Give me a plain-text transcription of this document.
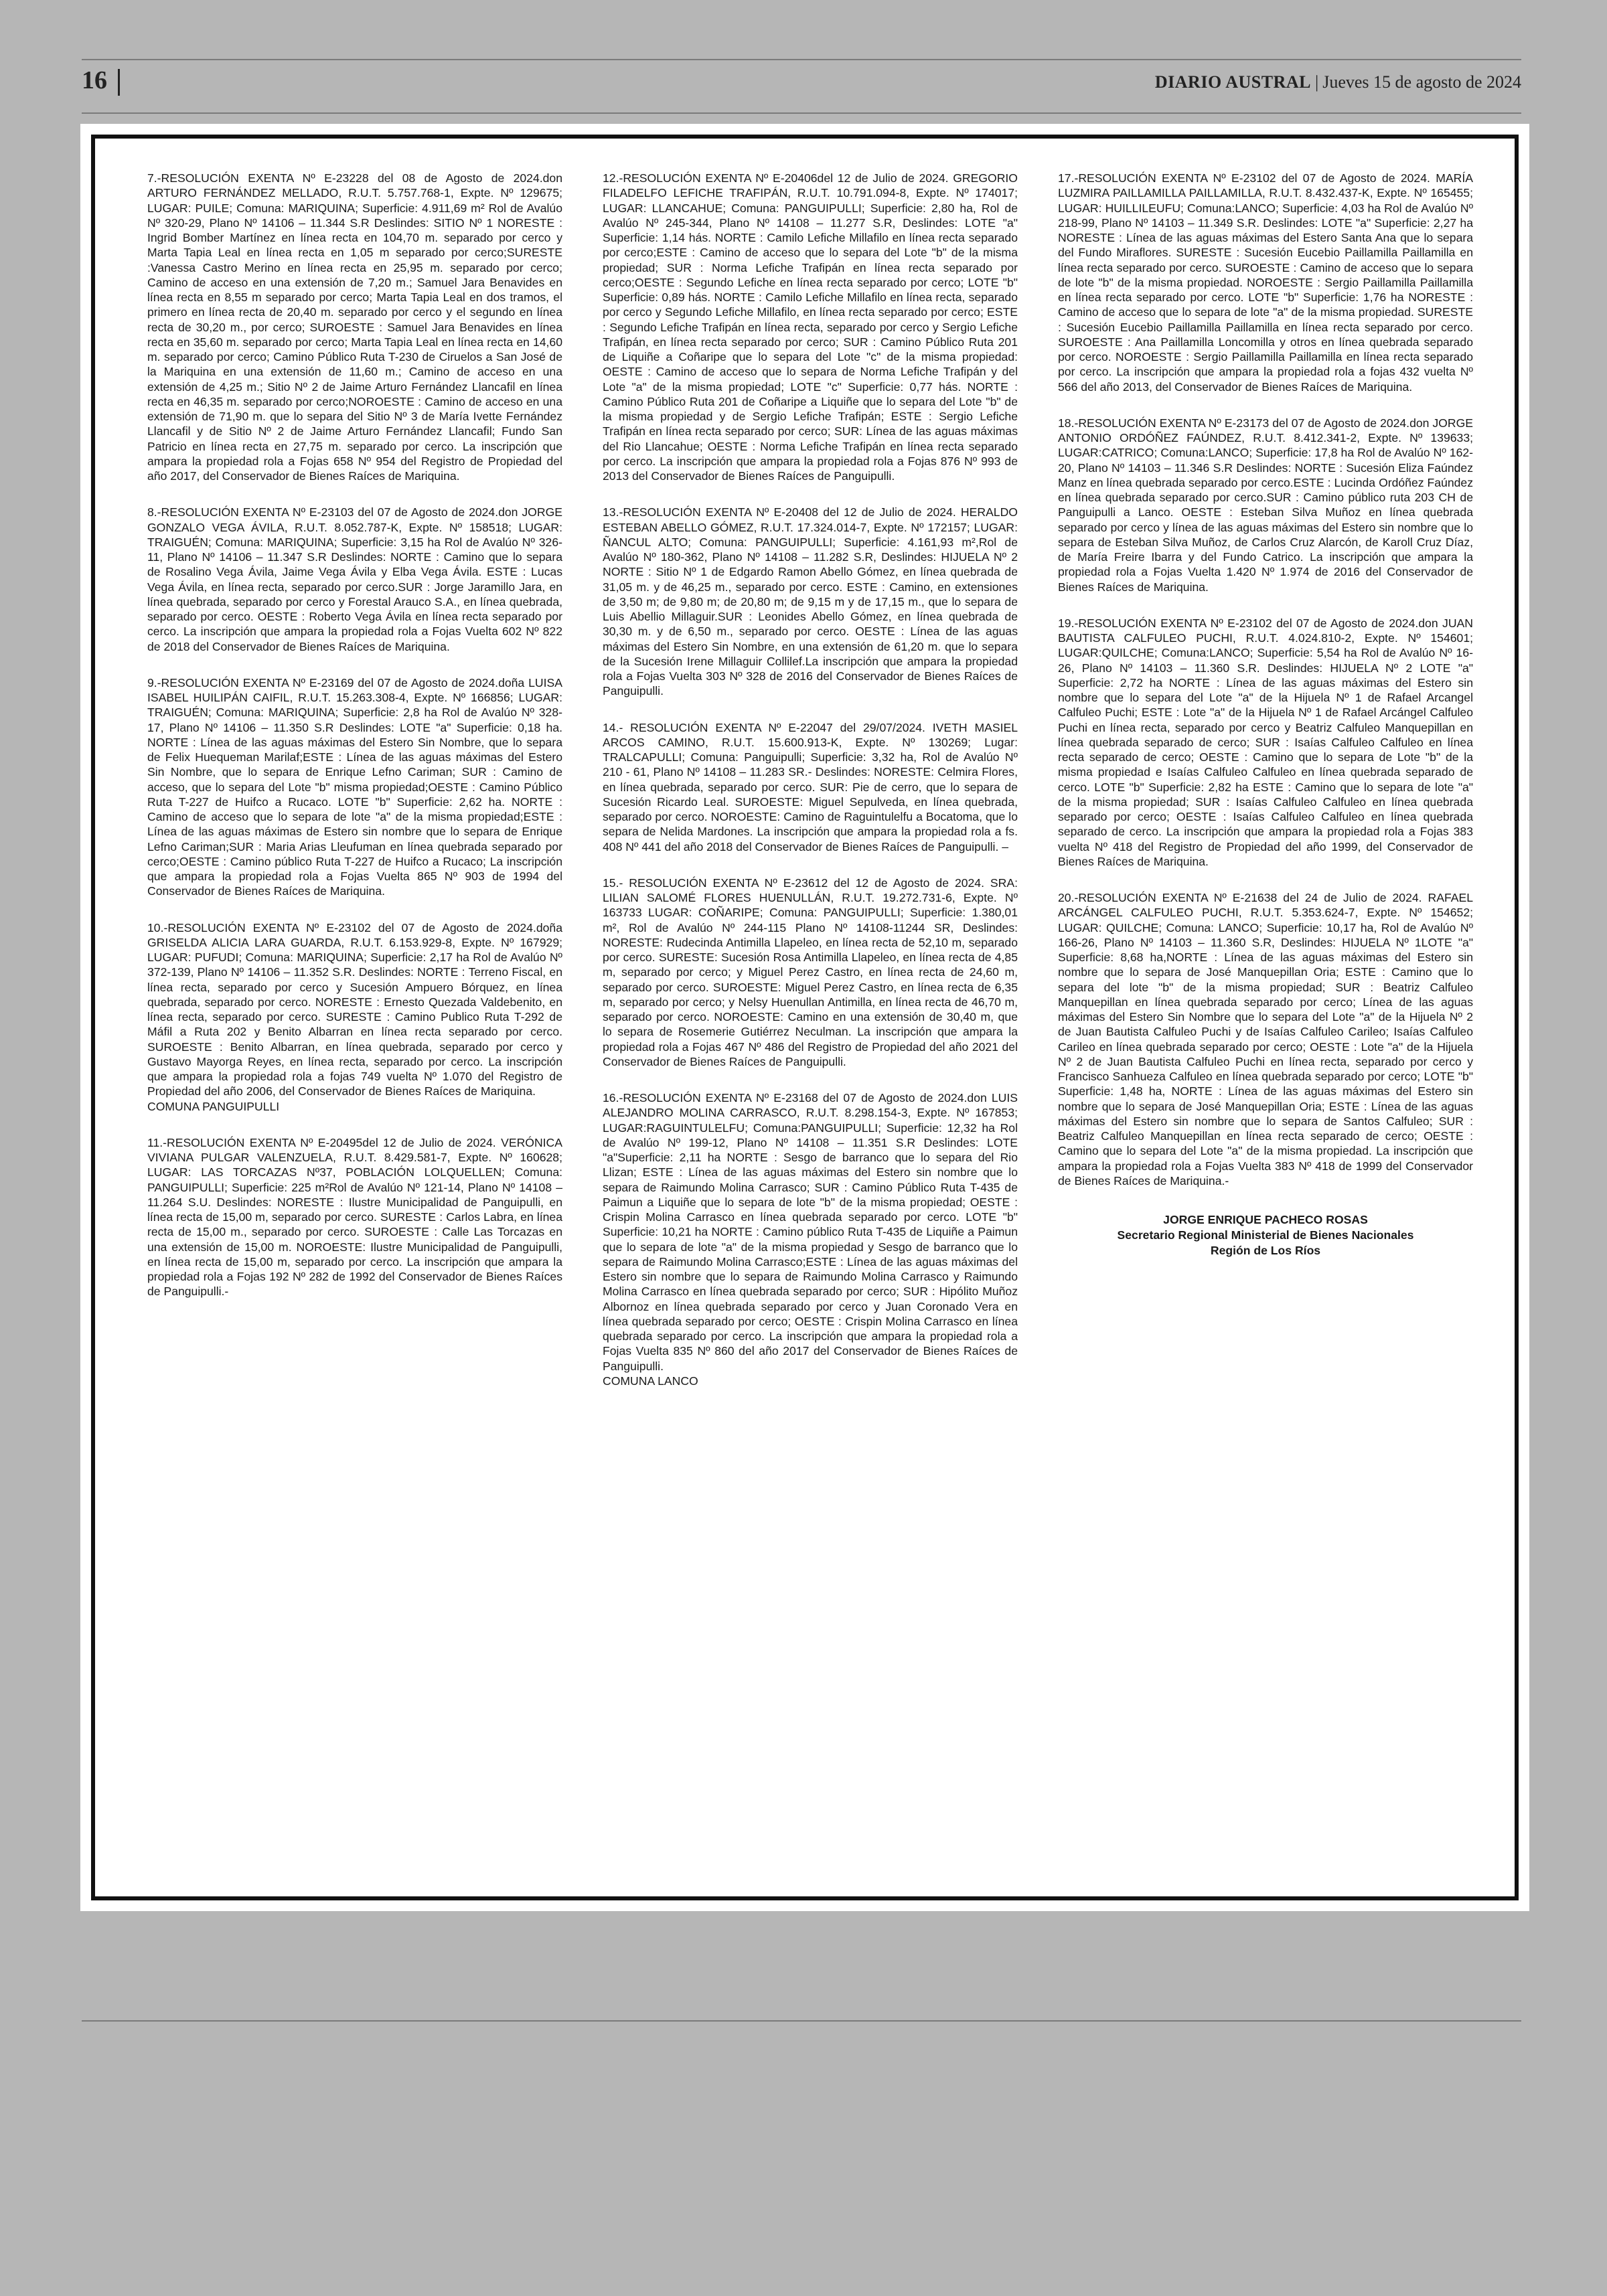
16	DIARIO AUSTRAL | Jueves 15 de agosto de 2024

7.-RESOLUCIÓN EXENTA Nº E-23228 del 08 de Agosto de 2024.don ARTURO FERNÁNDEZ MELLADO, R.U.T. 5.757.768-1, Expte. Nº 129675; LUGAR: PUILE; Comuna: MARIQUINA; Superficie: 4.911,69 m² Rol de Avalúo Nº 320-29, Plano Nº 14106 – 11.344 S.R Deslindes: SITIO Nº 1 NORESTE : Ingrid Bomber Martínez en línea recta en 104,70 m. separado por cerco y Marta Tapia Leal en línea recta en 1,05 m separado por cerco;SURESTE :Vanessa Castro Merino en línea recta en 25,95 m. separado por cerco; Camino de acceso en una extensión de 7,20 m.; Samuel Jara Benavides en línea recta en 8,55 m separado por cerco; Marta Tapia Leal en dos tramos, el primero en línea recta de 20,40 m. separado por cerco y el segundo en línea recta de 30,20 m., por cerco; SUROESTE : Samuel Jara Benavides en línea recta en 35,60 m. separado por cerco; Marta Tapia Leal en línea recta en 14,60 m. separado por cerco; Camino Público Ruta T-230 de Ciruelos a San José de la Mariquina en una extensión de 11,60 m.; Camino de acceso en una extensión de 4,25 m.; Sitio Nº 2 de Jaime Arturo Fernández Llancafil en línea recta en 46,35 m. separado por cerco;NOROESTE : Camino de acceso en una extensión de 71,90 m. que lo separa del Sitio Nº 3 de María Ivette Fernández Llancafil y de Sitio Nº 2 de Jaime Arturo Fernández Llancafil; Fundo San Patricio en línea recta en 27,75 m. separado por cerco. La inscripción que ampara la propiedad rola a Fojas 658 Nº 954 del Registro de Propiedad del año 2017, del Conservador de Bienes Raíces de Mariquina.

8.-RESOLUCIÓN EXENTA Nº E-23103 del 07 de Agosto de 2024.don JORGE GONZALO VEGA ÁVILA, R.U.T. 8.052.787-K, Expte. Nº 158518; LUGAR: TRAIGUÉN; Comuna: MARIQUINA; Superficie: 3,15 ha Rol de Avalúo Nº 326-11, Plano Nº 14106 – 11.347 S.R Deslindes: NORTE : Camino que lo separa de Rosalino Vega Ávila, Jaime Vega Ávila y Elba Vega Ávila. ESTE : Lucas Vega Ávila, en línea recta, separado por cerco.SUR : Jorge Jaramillo Jara, en línea quebrada, separado por cerco y Forestal Arauco S.A., en línea quebrada, separado por cerco. OESTE : Roberto Vega Ávila en línea recta separado por cerco. La inscripción que ampara la propiedad rola a Fojas Vuelta 602 Nº 822 de 2018 del Conservador de Bienes Raíces de Mariquina.

9.-RESOLUCIÓN EXENTA Nº E-23169 del 07 de Agosto de 2024.doña LUISA ISABEL HUILIPÁN CAIFIL, R.U.T. 15.263.308-4, Expte. Nº 166856; LUGAR: TRAIGUÉN; Comuna: MARIQUINA; Superficie: 2,8 ha Rol de Avalúo Nº 328-17, Plano Nº 14106 – 11.350 S.R Deslindes: LOTE "a" Superficie: 0,18 ha. NORTE : Línea de las aguas máximas del Estero Sin Nombre, que lo separa de Felix Huequeman Marilaf;ESTE : Línea de las aguas máximas del Estero Sin Nombre, que lo separa de Enrique Lefno Cariman; SUR : Camino de acceso, que lo separa del Lote "b" misma propiedad;OESTE : Camino Público Ruta T-227 de Huifco a Rucaco. LOTE "b" Superficie: 2,62 ha. NORTE : Camino de acceso que lo separa de lote "a" de la misma propiedad;ESTE : Línea de las aguas máximas de Estero sin nombre que lo separa de Enrique Lefno Cariman;SUR : Maria Arias Lleufuman en línea quebrada separado por cerco;OESTE : Camino público Ruta T-227 de Huifco a Rucaco; La inscripción que ampara la propiedad rola a Fojas Vuelta 865 Nº 903 de 1994 del Conservador de Bienes Raíces de Mariquina.

10.-RESOLUCIÓN EXENTA Nº E-23102 del 07 de Agosto de 2024.doña GRISELDA ALICIA LARA GUARDA, R.U.T. 6.153.929-8, Expte. Nº 167929; LUGAR: PUFUDI; Comuna: MARIQUINA; Superficie: 2,17 ha Rol de Avalúo Nº 372-139, Plano Nº 14106 – 11.352 S.R. Deslindes: NORTE : Terreno Fiscal, en línea recta, separado por cerco y Sucesión Ampuero Bórquez, en línea quebrada, separado por cerco. NORESTE : Ernesto Quezada Valdebenito, en línea recta, separado por cerco. SURESTE : Camino Publico Ruta T-292 de Máfil a Ruta 202 y Benito Albarran en línea recta separado por cerco. SUROESTE : Benito Albarran, en línea quebrada, separado por cerco y Gustavo Mayorga Reyes, en línea recta, separado por cerco. La inscripción que ampara la propiedad rola a fojas 749 vuelta Nº 1.070 del Registro de Propiedad del año 2006, del Conservador de Bienes Raíces de Mariquina.

COMUNA PANGUIPULLI

11.-RESOLUCIÓN EXENTA Nº E-20495del 12 de Julio de 2024. VERÓNICA VIVIANA PULGAR VALENZUELA, R.U.T. 8.429.581-7, Expte. Nº 160628; LUGAR: LAS TORCAZAS Nº37, POBLACIÓN LOLQUELLEN; Comuna: PANGUIPULLI; Superficie: 225 m²Rol de Avalúo Nº 121-14, Plano Nº 14108 – 11.264 S.U. Deslindes: NORESTE : Ilustre Municipalidad de Panguipulli, en línea recta de 15,00 m, separado por cerco. SURESTE : Carlos Labra, en línea recta de 15,00 m., separado por cerco. SUROESTE : Calle Las Torcazas en una extensión de 15,00 m. NOROESTE: Ilustre Municipalidad de Panguipulli, en línea recta de 15,00 m, separado por cerco. La inscripción que ampara la propiedad rola a Fojas 192 Nº 282 de 1992 del Conservador de Bienes Raíces de Panguipulli.-

12.-RESOLUCIÓN EXENTA Nº E-20406del 12 de Julio de 2024. GREGORIO FILADELFO LEFICHE TRAFIPÁN, R.U.T. 10.791.094-8, Expte. Nº 174017; LUGAR: LLANCAHUE; Comuna: PANGUIPULLI; Superficie: 2,80 ha, Rol de Avalúo Nº 245-344, Plano Nº 14108 – 11.277 S.R, Deslindes: LOTE "a" Superficie: 1,14 hás. NORTE : Camilo Lefiche Millafilo en línea recta separado por cerco;ESTE : Camino de acceso que lo separa del Lote "b" de la misma propiedad; SUR : Norma Lefiche Trafipán en línea recta separado por cerco;OESTE : Segundo Lefiche en línea recta separado por cerco; LOTE "b" Superficie: 0,89 hás. NORTE : Camilo Lefiche Millafilo en línea recta, separado por cerco y Segundo Lefiche Millafilo, en línea recta separado por cerco; ESTE : Segundo Lefiche Trafipán en línea recta, separado por cerco y Sergio Lefiche Trafipán, en línea recta separado por cerco; SUR : Camino Público Ruta 201 de Liquiñe a Coñaripe que lo separa del Lote "c" de la misma propiedad: OESTE : Camino de acceso que lo separa de Norma Lefiche Trafipán y del Lote "a" de la misma propiedad; LOTE "c" Superficie: 0,77 hás. NORTE : Camino Público Ruta 201 de Coñaripe a Liquiñe que lo separa del Lote "b" de la misma propiedad y de Sergio Lefiche Trafipán; ESTE : Sergio Lefiche Trafipán en línea recta separado por cerco; SUR: Línea de las aguas máximas del Rio Llancahue; OESTE : Norma Lefiche Trafipán en línea recta separado por cerco. La inscripción que ampara la propiedad rola a Fojas 876 Nº 993 de 2013 del Conservador de Bienes Raíces de Panguipulli.

13.-RESOLUCIÓN EXENTA Nº E-20408 del 12 de Julio de 2024. HERALDO ESTEBAN ABELLO GÓMEZ, R.U.T. 17.324.014-7, Expte. Nº 172157; LUGAR: ÑANCUL ALTO; Comuna: PANGUIPULLI; Superficie: 4.161,93 m²,Rol de Avalúo Nº 180-362, Plano Nº 14108 – 11.282 S.R, Deslindes: HIJUELA Nº 2 NORTE : Sitio Nº 1 de Edgardo Ramon Abello Gómez, en línea quebrada de 31,05 m. y de 46,25 m., separado por cerco. ESTE : Camino, en extensiones de 3,50 m; de 9,80 m; de 20,80 m; de 9,15 m y de 17,15 m., que lo separa de Luis Abellio Millaguir.SUR : Leonides Abello Gómez, en línea quebrada de 30,30 m. y de 6,50 m., separado por cerco. OESTE : Línea de las aguas máximas del Estero Sin Nombre, en una extensión de 61,20 m. que lo separa de la Sucesión Irene Millaguir Collilef.La inscripción que ampara la propiedad rola a Fojas Vuelta 303 Nº 328 de 2016 del Conservador de Bienes Raíces de Panguipulli.

14.- RESOLUCIÓN EXENTA Nº E-22047 del 29/07/2024. IVETH MASIEL ARCOS CAMINO, R.U.T. 15.600.913-K, Expte. Nº 130269; Lugar: TRALCAPULLI; Comuna: Panguipulli; Superficie: 3,32 ha, Rol de Avalúo Nº 210 - 61, Plano Nº 14108 – 11.283 SR.- Deslindes: NORESTE: Celmira Flores, en línea quebrada, separado por cerco. SUR: Pie de cerro, que lo separa de Sucesión Ricardo Leal. SUROESTE: Miguel Sepulveda, en línea quebrada, separado por cerco. NOROESTE: Camino de Raguintulelfu a Bocatoma, que lo separa de Nelida Mardones. La inscripción que ampara la propiedad rola a fs. 408 Nº 441 del año 2018 del Conservador de Bienes Raíces de Panguipulli. –

15.- RESOLUCIÓN EXENTA Nº E-23612 del 12 de Agosto de 2024. SRA: LILIAN SALOMÉ FLORES HUENULLÁN, R.U.T. 19.272.731-6, Expte. Nº 163733 LUGAR: COÑARIPE; Comuna: PANGUIPULLI; Superficie: 1.380,01 m², Rol de Avalúo Nº 244-115 Plano Nº 14108-11244 SR, Deslindes: NORESTE: Rudecinda Antimilla Llapeleo, en línea recta de 52,10 m, separado por cerco. SURESTE: Sucesión Rosa Antimilla Llapeleo, en línea recta de 4,85 m, separado por cerco; y Miguel Perez Castro, en línea recta de 24,60 m, separado por cerco. SUROESTE: Miguel Perez Castro, en línea recta de 6,35 m, separado por cerco; y Nelsy Huenullan Antimilla, en línea recta de 46,70 m, separado por cerco. NOROESTE: Camino en una extensión de 30,40 m, que lo separa de Rosemerie Gutiérrez Neculman. La inscripción que ampara la propiedad rola a Fojas 467 Nº 486 del Registro de Propiedad del año 2021 del Conservador de Bienes Raíces de Panguipulli.

16.-RESOLUCIÓN EXENTA Nº E-23168 del 07 de Agosto de 2024.don LUIS ALEJANDRO MOLINA CARRASCO, R.U.T. 8.298.154-3, Expte. Nº 167853; LUGAR:RAGUINTULELFU; Comuna:PANGUIPULLI; Superficie: 12,32 ha Rol de Avalúo Nº 199-12, Plano Nº 14108 – 11.351 S.R Deslindes: LOTE "a"Superficie: 2,11 ha NORTE : Sesgo de barranco que lo separa del Rio Llizan; ESTE : Línea de las aguas máximas del Estero sin nombre que lo separa de Raimundo Molina Carrasco; SUR : Camino Público Ruta T-435 de Paimun a Liquiñe que lo separa de lote "b" de la misma propiedad; OESTE : Crispin Molina Carrasco en línea quebrada separado por cerco. LOTE "b" Superficie: 10,21 ha NORTE : Camino público Ruta T-435 de Liquiñe a Paimun que lo separa de lote "a" de la misma propiedad y Sesgo de barranco que lo separa de Raimundo Molina Carrasco;ESTE : Línea de las aguas máximas del Estero sin nombre que lo separa de Raimundo Molina Carrasco y Raimundo Molina Carrasco en línea quebrada separado por cerco; SUR : Hipólito Muñoz Albornoz en línea quebrada separado por cerco y Juan Coronado Vera en línea quebrada separado por cerco; OESTE : Crispin Molina Carrasco en línea quebrada separado por cerco. La inscripción que ampara la propiedad rola a Fojas Vuelta 835 Nº 860 del año 2017 del Conservador de Bienes Raíces de Panguipulli.

COMUNA LANCO

17.-RESOLUCIÓN EXENTA Nº E-23102 del 07 de Agosto de 2024. MARÍA LUZMIRA PAILLAMILLA PAILLAMILLA, R.U.T. 8.432.437-K, Expte. Nº 165455; LUGAR: HUILLILEUFU; Comuna:LANCO; Superficie: 4,03 ha Rol de Avalúo Nº 218-99, Plano Nº 14103 – 11.349 S.R. Deslindes: LOTE "a" Superficie: 2,27 ha NORESTE : Línea de las aguas máximas del Estero Santa Ana que lo separa del Fundo Miraflores. SURESTE : Sucesión Eucebio Paillamilla Paillamilla en línea recta separado por cerco. SUROESTE : Camino de acceso que lo separa de lote "b" de la misma propiedad. NOROESTE : Sergio Paillamilla Paillamilla en línea recta separado por cerco. LOTE "b" Superficie: 1,76 ha NORESTE : Camino de acceso que lo separa de lote "a" de la misma propiedad. SURESTE : Sucesión Eucebio Paillamilla Paillamilla en línea recta separado por cerco. SUROESTE : Ana Paillamilla Loncomilla y otros en línea quebrada separado por cerco. NOROESTE : Sergio Paillamilla Paillamilla en línea recta separado por cerco. La inscripción que ampara la propiedad rola a fojas 432 vuelta Nº 566 del año 2013, del Conservador de Bienes Raíces de Mariquina.

18.-RESOLUCIÓN EXENTA Nº E-23173 del 07 de Agosto de 2024.don JORGE ANTONIO ORDÓÑEZ FAÚNDEZ, R.U.T. 8.412.341-2, Expte. Nº 139633; LUGAR:CATRICO; Comuna:LANCO; Superficie: 17,8 ha Rol de Avalúo Nº 162-20, Plano Nº 14103 – 11.346 S.R Deslindes: NORTE : Sucesión Eliza Faúndez Manz en línea quebrada separado por cerco.ESTE : Lucinda Ordóñez Faúndez en línea quebrada separado por cerco.SUR : Camino público ruta 203 CH de Panguipulli a Lanco. OESTE : Esteban Silva Muñoz en línea quebrada separado por cerco y línea de las aguas máximas del Estero sin nombre que lo separa de Esteban Silva Muñoz, de Carlos Cruz Alarcón, de Karoll Cruz Díaz, de María Freire Ibarra y del Fundo Catrico. La inscripción que ampara la propiedad rola a Fojas Vuelta 1.420 Nº 1.974 de 2016 del Conservador de Bienes Raíces de Mariquina.

19.-RESOLUCIÓN EXENTA Nº E-23102 del 07 de Agosto de 2024.don JUAN BAUTISTA CALFULEO PUCHI, R.U.T. 4.024.810-2, Expte. Nº 154601; LUGAR:QUILCHE; Comuna:LANCO; Superficie: 5,54 ha Rol de Avalúo Nº 16-26, Plano Nº 14103 – 11.360 S.R. Deslindes: HIJUELA Nº 2 LOTE "a" Superficie: 2,72 ha NORTE : Línea de las aguas máximas del Estero sin nombre que lo separa del Lote "a" de la Hijuela Nº 1 de Rafael Arcangel Calfuleo Puchi; ESTE : Lote "a" de la Hijuela Nº 1 de Rafael Arcángel Calfuleo Puchi en línea recta, separado por cerco y Beatriz Calfuleo Manquepillan en línea quebrada separado de cerco; SUR : Isaías Calfuleo Calfuleo en línea recta separado de cerco; OESTE : Camino que lo separa de Lote "b" de la misma propiedad e Isaías Calfuleo Calfuleo en línea quebrada separado de cerco. LOTE "b" Superficie: 2,82 ha ESTE : Camino que lo separa de lote "a" de la misma propiedad; SUR : Isaías Calfuleo Calfuleo en línea quebrada separado por cerco; OESTE : Isaías Calfuleo Calfuleo en línea quebrada separado de cerco. La inscripción que ampara la propiedad rola a Fojas 383 vuelta Nº 418 del Registro de Propiedad del año 1999, del Conservador de Bienes Raíces de Mariquina.

20.-RESOLUCIÓN EXENTA Nº E-21638 del 24 de Julio de 2024. RAFAEL ARCÁNGEL CALFULEO PUCHI, R.U.T. 5.353.624-7, Expte. Nº 154652; LUGAR: QUILCHE; Comuna: LANCO; Superficie: 10,17 ha, Rol de Avalúo Nº 166-26, Plano Nº 14103 – 11.360 S.R, Deslindes: HIJUELA Nº 1LOTE "a" Superficie: 8,68 ha,NORTE : Línea de las aguas máximas del Estero sin nombre que lo separa de José Manquepillan Oria; ESTE : Camino que lo separa del lote "b" de la misma propiedad; SUR : Beatriz Calfuleo Manquepillan en línea quebrada separado por cerco; Línea de las aguas máximas del Estero Sin Nombre que lo separa del Lote "a" de la Hijuela Nº 2 de Juan Bautista Calfuleo Puchi y de Isaías Calfuleo Carileo; Isaías Calfuleo Carileo en línea quebrada separado por cerco; OESTE : Lote "a" de la Hijuela Nº 2 de Juan Bautista Calfuleo Puchi en línea recta, separado por cerco y Francisco Sanhueza Calfuleo en línea quebrada separado por cerco; LOTE "b" Superficie: 1,48 ha, NORTE : Línea de las aguas máximas del Estero sin nombre que lo separa de José Manquepillan Oria; ESTE : Línea de las aguas máximas del Estero sin nombre que lo separa de Santos Calfuleo; SUR : Beatriz Calfuleo Manquepillan en línea recta separado de cerco; OESTE : Camino que lo separa del Lote "a" de la misma propiedad. La inscripción que ampara la propiedad rola a Fojas Vuelta 383 Nº 418 de 1999 del Conservador de Bienes Raíces de Mariquina.-

JORGE ENRIQUE PACHECO ROSAS
Secretario Regional Ministerial de Bienes Nacionales
Región de Los Ríos
